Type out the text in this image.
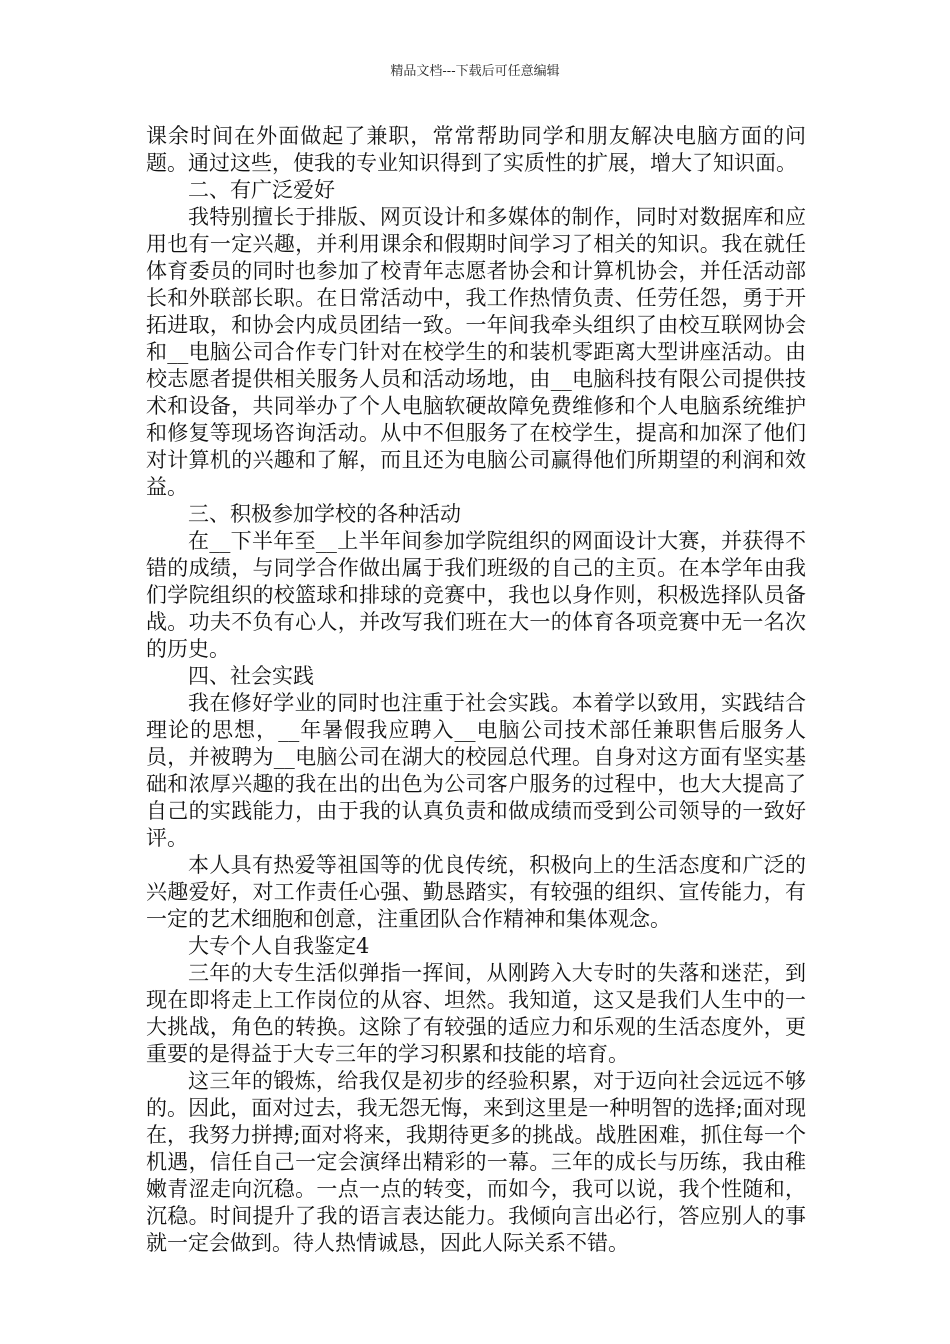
精品文档---下载后可任意编辑

课余时间在外面做起了兼职，常常帮助同学和朋友解决电脑方面的问题。通过这些，使我的专业知识得到了实质性的扩展，增大了知识面。

二、有广泛爱好

我特别擅长于排版、网页设计和多媒体的制作，同时对数据库和应用也有一定兴趣，并利用课余和假期时间学习了相关的知识。我在就任体育委员的同时也参加了校青年志愿者协会和计算机协会，并任活动部长和外联部长职。在日常活动中，我工作热情负责、任劳任怨，勇于开拓进取，和协会内成员团结一致。一年间我牵头组织了由校互联网协会和__电脑公司合作专门针对在校学生的和装机零距离大型讲座活动。由校志愿者提供相关服务人员和活动场地，由__电脑科技有限公司提供技术和设备，共同举办了个人电脑软硬故障免费维修和个人电脑系统维护和修复等现场咨询活动。从中不但服务了在校学生，提高和加深了他们对计算机的兴趣和了解，而且还为电脑公司赢得他们所期望的利润和效益。

三、积极参加学校的各种活动

在__下半年至__上半年间参加学院组织的网面设计大赛，并获得不错的成绩，与同学合作做出属于我们班级的自己的主页。在本学年由我们学院组织的校篮球和排球的竞赛中，我也以身作则，积极选择队员备战。功夫不负有心人，并改写我们班在大一的体育各项竞赛中无一名次的历史。

四、社会实践

我在修好学业的同时也注重于社会实践。本着学以致用，实践结合理论的思想，__年暑假我应聘入__电脑公司技术部任兼职售后服务人员，并被聘为__电脑公司在湖大的校园总代理。自身对这方面有坚实基础和浓厚兴趣的我在出的出色为公司客户服务的过程中，也大大提高了自己的实践能力，由于我的认真负责和做成绩而受到公司领导的一致好评。

本人具有热爱等祖国等的优良传统，积极向上的生活态度和广泛的兴趣爱好，对工作责任心强、勤恳踏实，有较强的组织、宣传能力，有一定的艺术细胞和创意，注重团队合作精神和集体观念。

大专个人自我鉴定4

三年的大专生活似弹指一挥间，从刚跨入大专时的失落和迷茫，到现在即将走上工作岗位的从容、坦然。我知道，这又是我们人生中的一大挑战，角色的转换。这除了有较强的适应力和乐观的生活态度外，更重要的是得益于大专三年的学习积累和技能的培育。

这三年的锻炼，给我仅是初步的经验积累，对于迈向社会远远不够的。因此，面对过去，我无怨无悔，来到这里是一种明智的选择;面对现在，我努力拼搏;面对将来，我期待更多的挑战。战胜困难，抓住每一个机遇，信任自己一定会演绎出精彩的一幕。三年的成长与历练，我由稚嫩青涩走向沉稳。一点一点的转变，而如今，我可以说，我个性随和，沉稳。时间提升了我的语言表达能力。我倾向言出必行，答应别人的事就一定会做到。待人热情诚恳，因此人际关系不错。
